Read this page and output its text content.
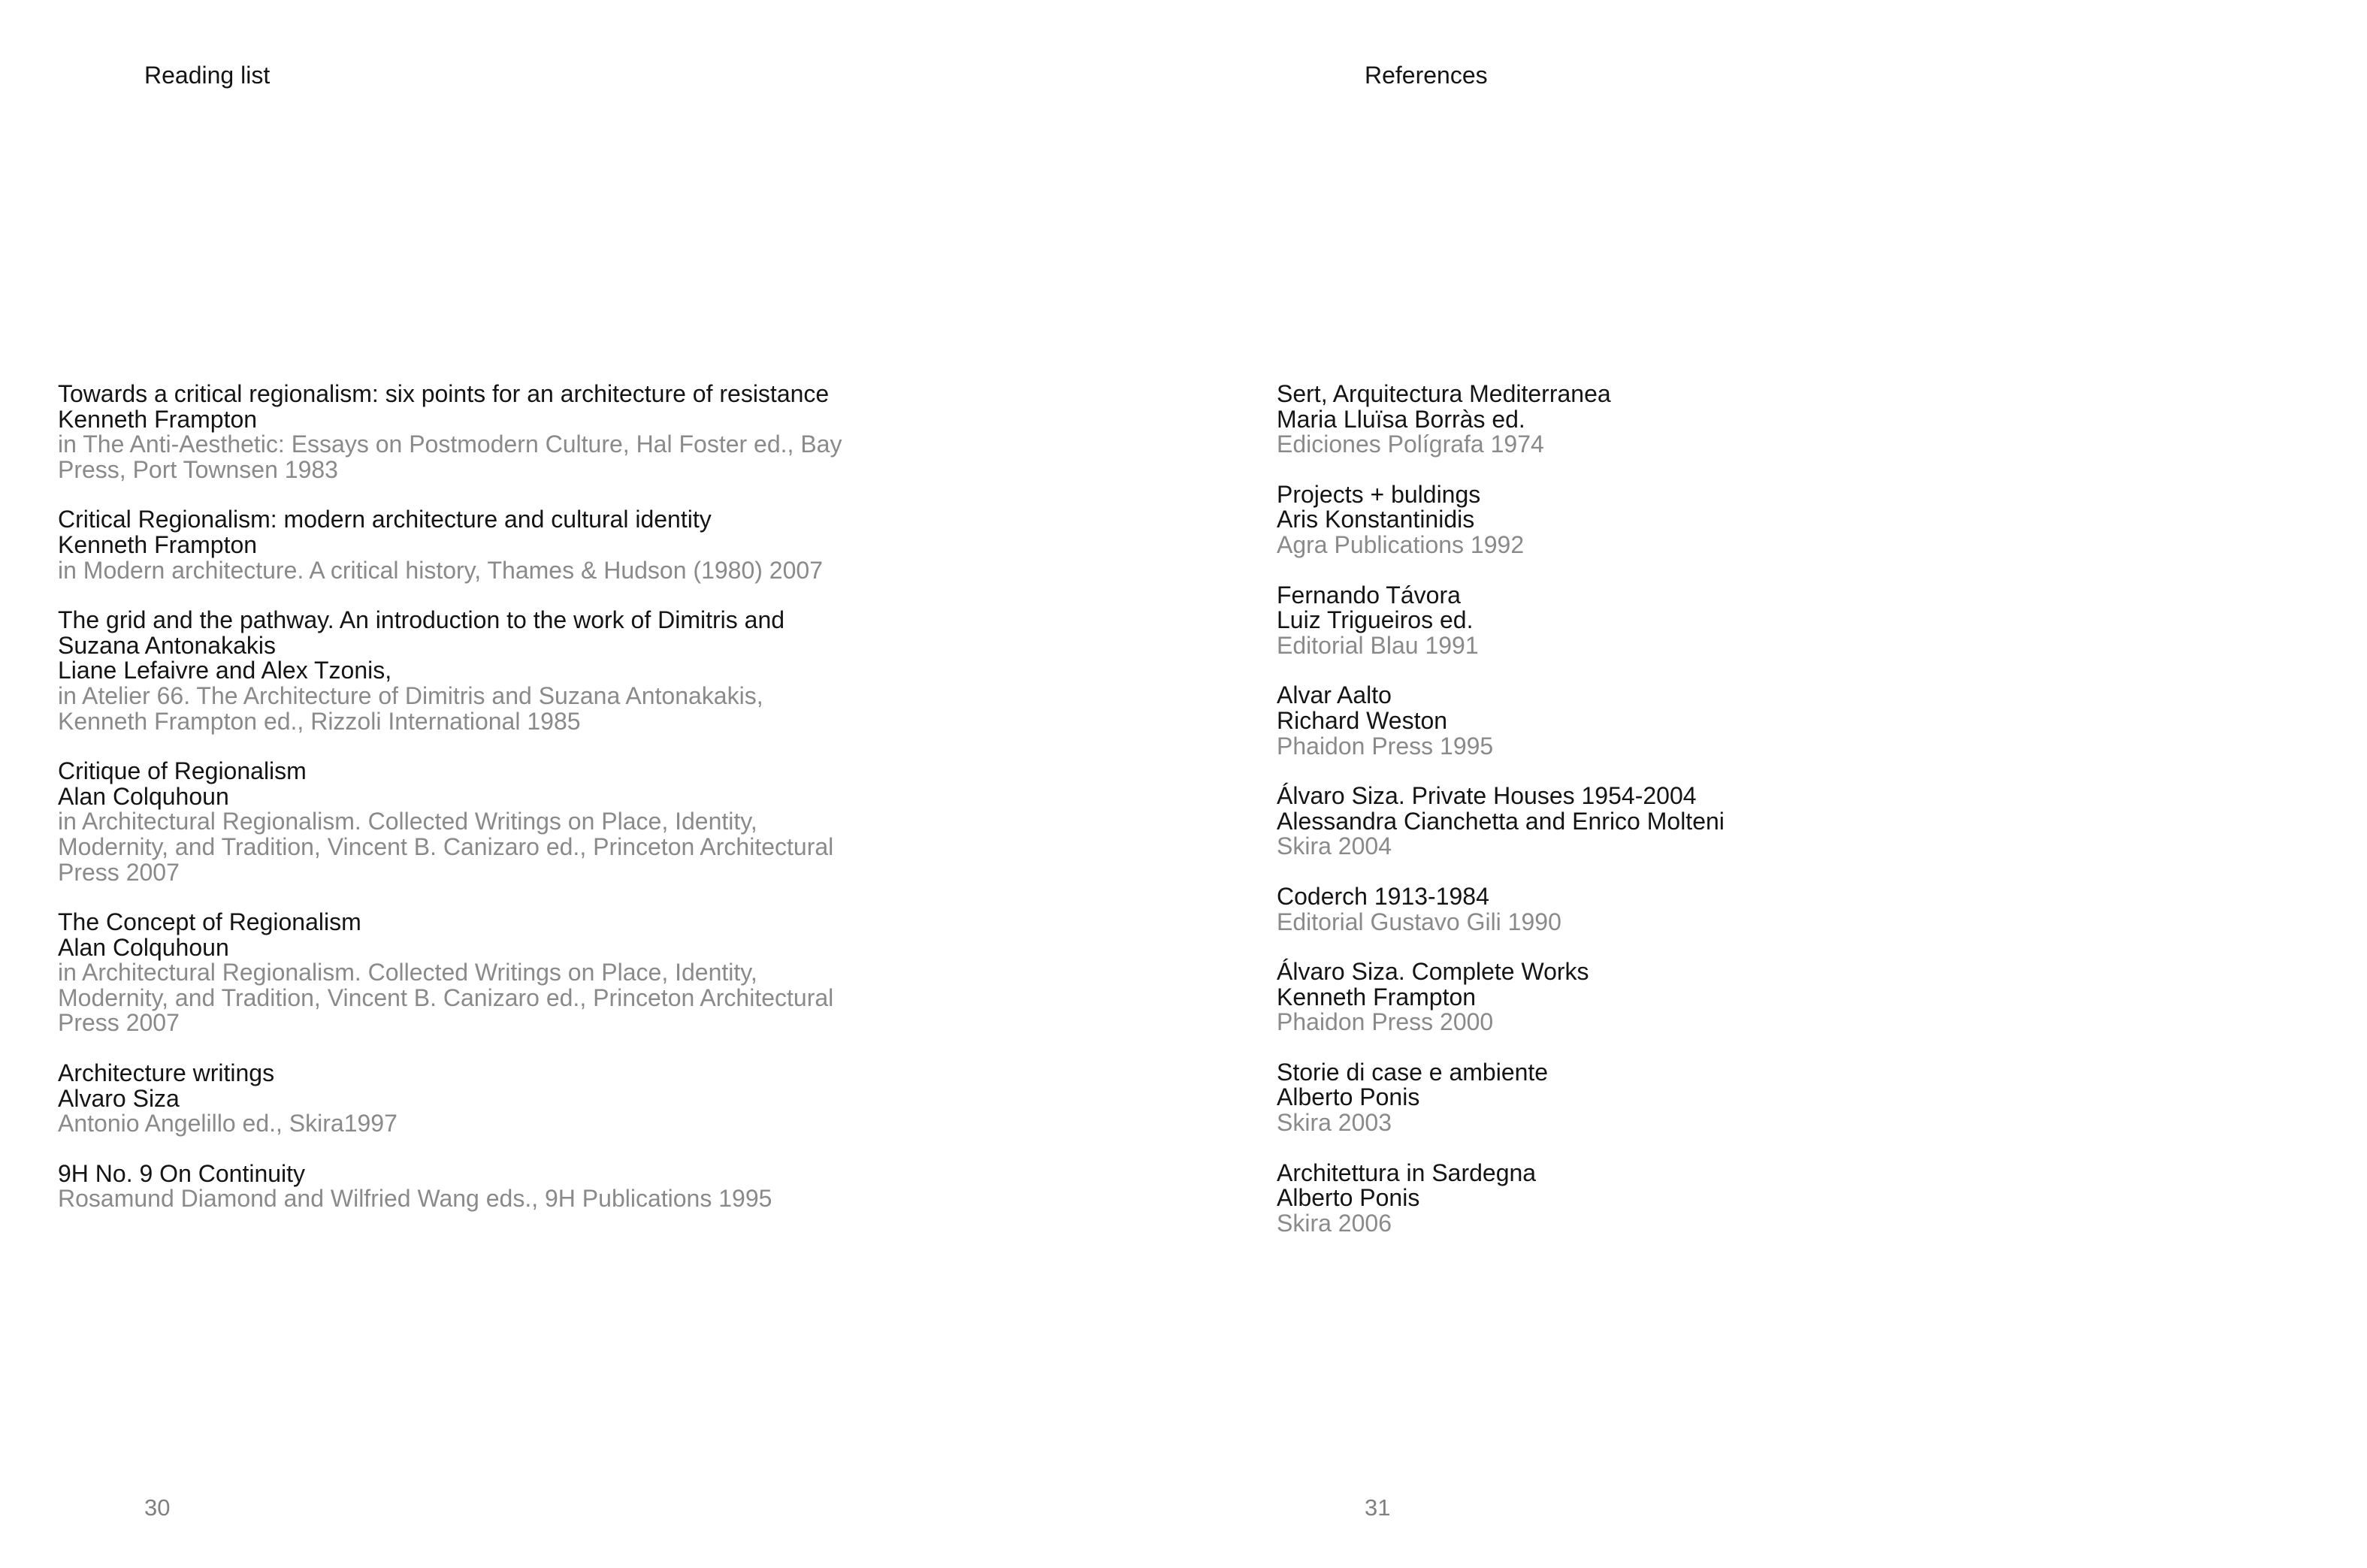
Reading list
Towards a critical regionalism: six points for an architecture of resistance
Kenneth Frampton
in The Anti-Aesthetic: Essays on Postmodern Culture, Hal Foster ed., Bay
Press, Port Townsen 1983
Critical Regionalism: modern architecture and cultural identity
Kenneth Frampton
in Modern architecture. A critical history, Thames & Hudson (1980) 2007
The grid and the pathway. An introduction to the work of Dimitris and
Suzana Antonakakis
Liane Lefaivre and Alex Tzonis,
in Atelier 66. The Architecture of Dimitris and Suzana Antonakakis,
Kenneth Frampton ed., Rizzoli International 1985
Critique of Regionalism
Alan Colquhoun
in Architectural Regionalism. Collected Writings on Place, Identity,
Modernity, and Tradition, Vincent B. Canizaro ed., Princeton Architectural
Press 2007
The Concept of Regionalism
Alan Colquhoun
in Architectural Regionalism. Collected Writings on Place, Identity,
Modernity, and Tradition, Vincent B. Canizaro ed., Princeton Architectural
Press 2007
Architecture writings
Alvaro Siza
Antonio Angelillo ed., Skira1997
9H No. 9 On Continuity
Rosamund Diamond and Wilfried Wang eds., 9H Publications 1995
30
References
Sert, Arquitectura Mediterranea
Maria Lluïsa Borràs ed.
Ediciones Polígrafa 1974
Projects + buldings
Aris Konstantinidis
Agra Publications 1992
Fernando Távora
Luiz Trigueiros ed.
Editorial Blau 1991
Alvar Aalto
Richard Weston
Phaidon Press 1995
Álvaro Siza. Private Houses 1954-2004
Alessandra Cianchetta and Enrico Molteni
Skira 2004
Coderch 1913-1984
Editorial Gustavo Gili 1990
Álvaro Siza. Complete Works
Kenneth Frampton
Phaidon Press 2000
Storie di case e ambiente
Alberto Ponis
Skira 2003
Architettura in Sardegna
Alberto Ponis
Skira 2006
31
